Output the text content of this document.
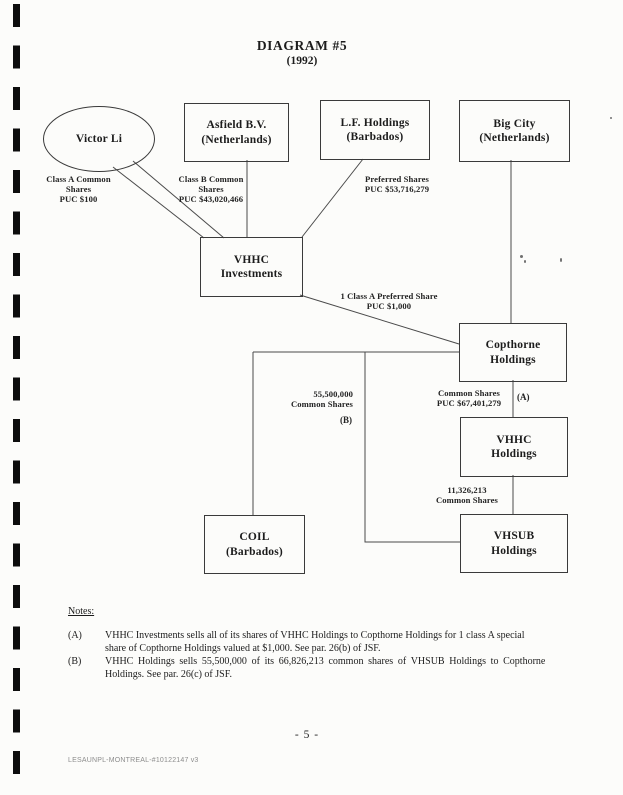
DIAGRAM #5
(1992)
Victor Li
Asfield B.V.
(Netherlands)
L.F. Holdings
(Barbados)
Big City
(Netherlands)
VHHC
Investments
Copthorne
Holdings
VHHC
Holdings
VHSUB
Holdings
COIL
(Barbados)
Class A Common
Shares
PUC $100
Class B Common
Shares
PUC $43,020,466
Preferred Shares
PUC $53,716,279
1 Class A Preferred Share
PUC $1,000
55,500,000
Common Shares
(B)
Common Shares
PUC $67,401,279
(A)
11,326,213
Common Shares
Notes:
(A)	VHHC Investments sells all of its shares of VHHC Holdings to Copthorne Holdings for 1 class A special
share of Copthorne Holdings valued at $1,000. See par. 26(b) of JSF.
(B)	VHHC Holdings sells 55,500,000 of its 66,826,213 common shares of VHSUB Holdings to Copthorne
Holdings. See par. 26(c) of JSF.
- 5 -
LESAUNPL-MONTREAL-#10122147 v3
